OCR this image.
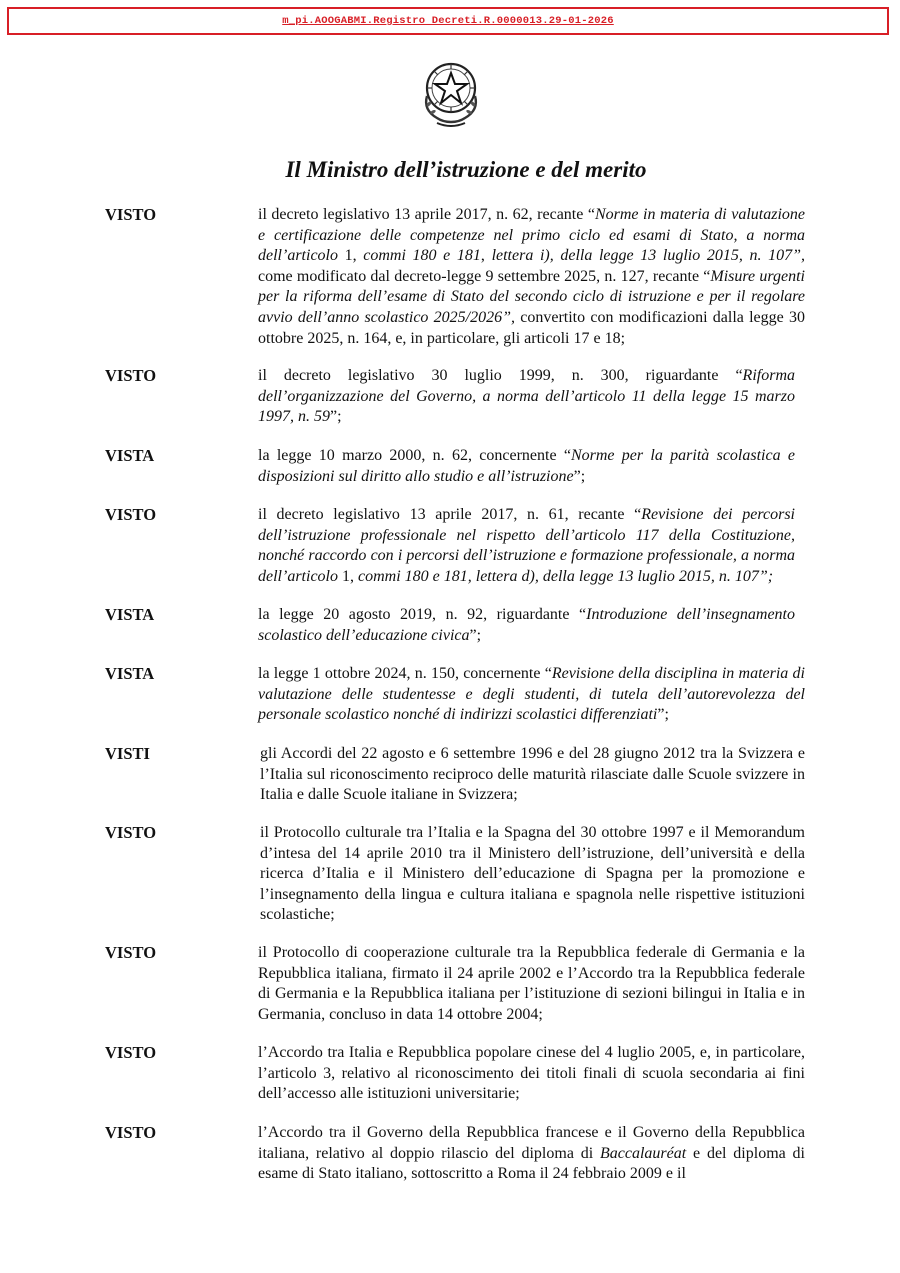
m_pi.AOOGABMI.Registro Decreti.R.0000013.29-01-2026
Il Ministro dell’istruzione e del merito
VISTO	il decreto legislativo 13 aprile 2017, n. 62, recante “Norme in materia di valutazione e certificazione delle competenze nel primo ciclo ed esami di Stato, a norma dell’articolo 1, commi 180 e 181, lettera i), della legge 13 luglio 2015, n. 107”, come modificato dal decreto-legge 9 settembre 2025, n. 127, recante “Misure urgenti per la riforma dell’esame di Stato del secondo ciclo di istruzione e per il regolare avvio dell’anno scolastico 2025/2026”, convertito con modificazioni dalla legge 30 ottobre 2025, n. 164, e, in particolare, gli articoli 17 e 18;
VISTO	il decreto legislativo 30 luglio 1999, n. 300, riguardante “Riforma dell’organizzazione del Governo, a norma dell’articolo 11 della legge 15 marzo 1997, n. 59”;
VISTA	la legge 10 marzo 2000, n. 62, concernente “Norme per la parità scolastica e disposizioni sul diritto allo studio e all’istruzione”;
VISTO	il decreto legislativo 13 aprile 2017, n. 61, recante “Revisione dei percorsi dell’istruzione professionale nel rispetto dell’articolo 117 della Costituzione, nonché raccordo con i percorsi dell’istruzione e formazione professionale, a norma dell’articolo 1, commi 180 e 181, lettera d), della legge 13 luglio 2015, n. 107”;
VISTA	la legge 20 agosto 2019, n. 92, riguardante “Introduzione dell’insegnamento scolastico dell’educazione civica”;
VISTA	la legge 1 ottobre 2024, n. 150, concernente “Revisione della disciplina in materia di valutazione delle studentesse e degli studenti, di tutela dell’autorevolezza del personale scolastico nonché di indirizzi scolastici differenziati”;
VISTI	gli Accordi del 22 agosto e 6 settembre 1996 e del 28 giugno 2012 tra la Svizzera e l’Italia sul riconoscimento reciproco delle maturità rilasciate dalle Scuole svizzere in Italia e dalle Scuole italiane in Svizzera;
VISTO	il Protocollo culturale tra l’Italia e la Spagna del 30 ottobre 1997 e il Memorandum d’intesa del 14 aprile 2010 tra il Ministero dell’istruzione, dell’università e della ricerca d’Italia e il Ministero dell’educazione di Spagna per la promozione e l’insegnamento della lingua e cultura italiana e spagnola nelle rispettive istituzioni scolastiche;
VISTO	il Protocollo di cooperazione culturale tra la Repubblica federale di Germania e la Repubblica italiana, firmato il 24 aprile 2002 e l’Accordo tra la Repubblica federale di Germania e la Repubblica italiana per l’istituzione di sezioni bilingui in Italia e in Germania, concluso in data 14 ottobre 2004;
VISTO	l’Accordo tra Italia e Repubblica popolare cinese del 4 luglio 2005, e, in particolare, l’articolo 3, relativo al riconoscimento dei titoli finali di scuola secondaria ai fini dell’accesso alle istituzioni universitarie;
VISTO	l’Accordo tra il Governo della Repubblica francese e il Governo della Repubblica italiana, relativo al doppio rilascio del diploma di Baccalauréat e del diploma di esame di Stato italiano, sottoscritto a Roma il 24 febbraio 2009 e il
